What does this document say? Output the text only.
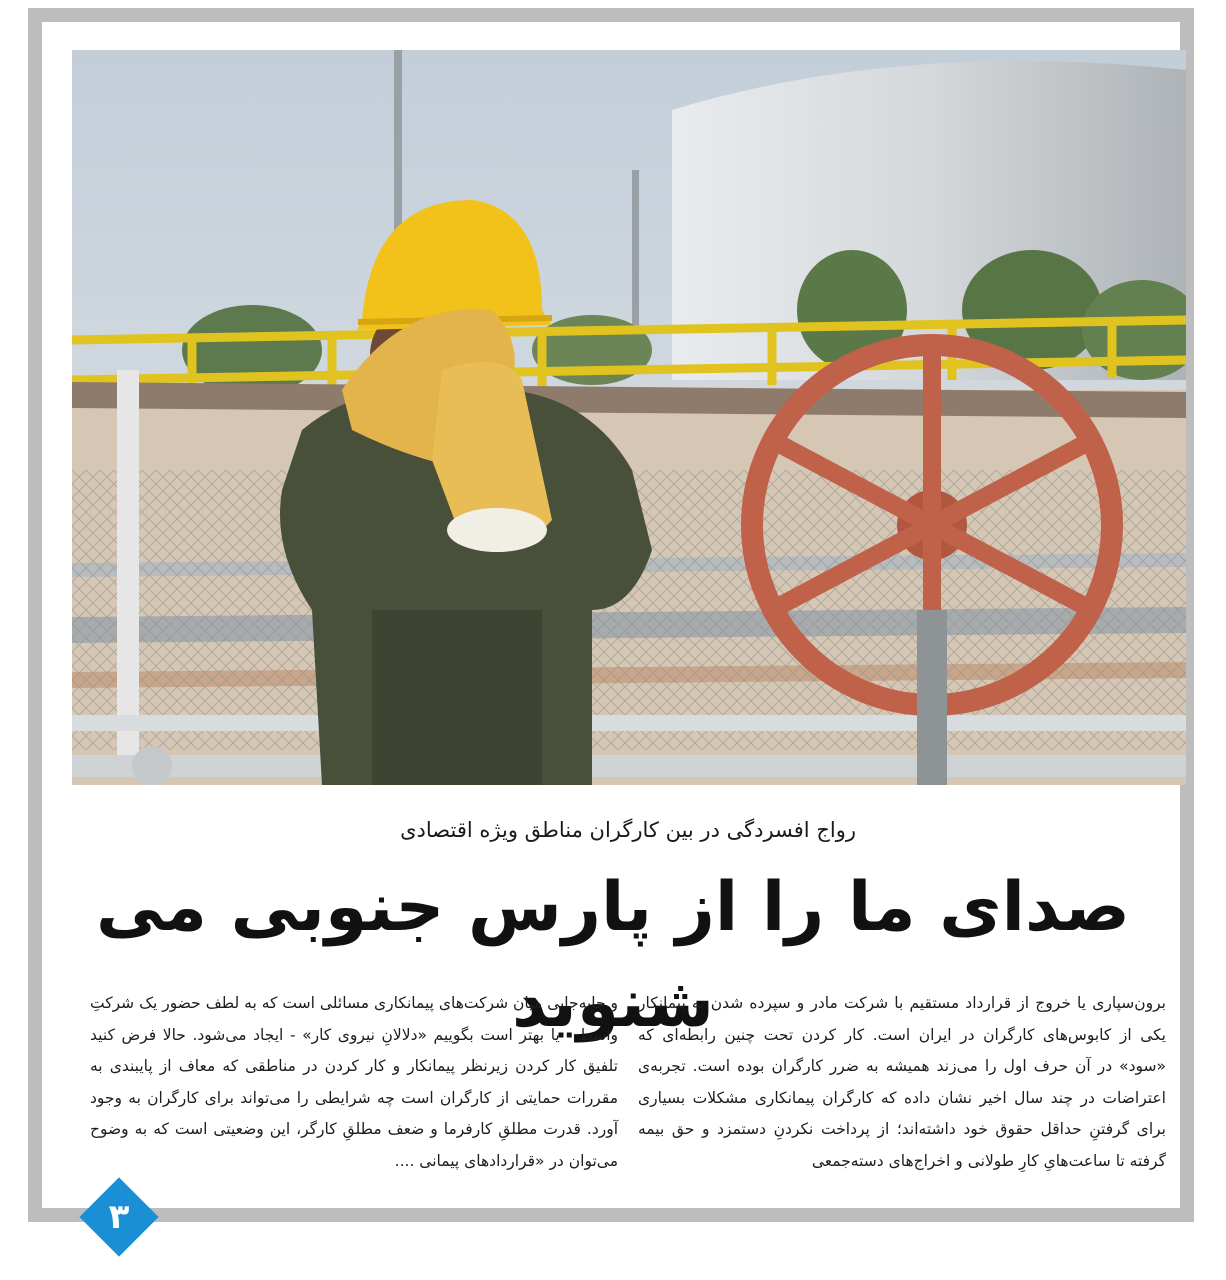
رواج افسردگی در بین کارگران مناطق ویژه اقتصادی
صدای ما را از پارس جنوبی می شنوید
برون‌سپاری یا خروج از قرارداد مستقیم با شرکت مادر و سپرده شدن به پیمانکار یکی از کابوس‌های کارگران در ایران است. کار کردن تحت چنین رابطه‌ای که «سود» در آن حرف اول را می‌زند همیشه به ضرر کارگران بوده است. تجربه‌ی اعتراضات در چند سال اخیر نشان داده که کارگران پیمانکاری مشکلات بسیاری برای گرفتنِ حداقل حقوق خود داشته‌اند؛ از پرداخت نکردنِ دستمزد و حق بیمه گرفته تا ساعت‌هایِ کارِ طولانی و اخراج‌های دسته‌جمعی
و جابه‌جایی میان شرکت‌های پیمانکاری مسائلی است که به لطف حضور یک شرکتِ واسط - یا بهتر است بگوییم «دلالانِ نیروی کار» - ایجاد می‌شود. حالا فرض کنید تلفیق کار کردن زیرنظر پیمانکار و کار کردن در مناطقی که معاف از پایبندی به مقررات حمایتی از کارگران است چه شرایطی را می‌تواند برای کارگران به وجود آورد. قدرت مطلقِ کارفرما و ضعف مطلقِ کارگر، این وضعیتی است که به وضوح می‌توان در «قراردادهای پیمانی ....
۳
